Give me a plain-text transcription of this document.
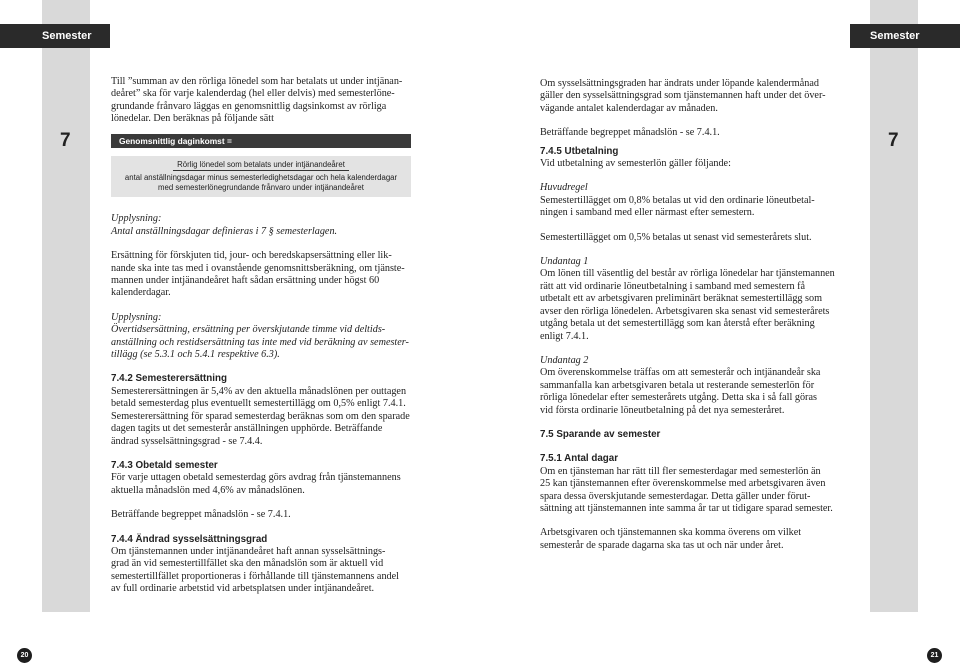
Semester	Semester
7	7

Till ”summan av den rörliga lönedel som har betalats ut under intjänan-

deåret” ska för varje kalenderdag (hel eller delvis) med semesterlöne-

grundande frånvaro läggas en genomsnittlig dagsinkomst av rörliga

lönedelar. Den beräknas på följande sätt

Genomsnittlig daginkomst =
Rörlig lönedel som betalats under intjänandeåret
antal anställningsdagar minus semesterledighetsdagar och hela kalenderdagar
med semesterlönegrundande frånvaro under intjänandeåret

Upplysning:

Antal anställningsdagar definieras i 7 § semesterlagen.

Ersättning för förskjuten tid, jour- och beredskapsersättning eller lik-

nande ska inte tas med i ovanstående genomsnittsberäkning, om tjänste-

mannen under intjänandeåret haft sådan ersättning under högst 60

kalenderdagar.

Upplysning:

Övertidsersättning, ersättning per överskjutande timme vid deltids-

anställning och restidsersättning tas inte med vid beräkning av semester-

tillägg (se 5.3.1 och 5.4.1 respektive 6.3).

7.4.2 Semesterersättning

Semesterersättningen är 5,4% av den aktuella månadslönen per outtagen

betald semesterdag plus eventuellt semestertillägg om 0,5% enligt 7.4.1.

Semesterersättning för sparad semesterdag beräknas som om den sparade

dagen tagits ut det semesterår anställningen upphörde. Beträffande

ändrad sysselsättningsgrad - se 7.4.4.

7.4.3 Obetald semester

För varje uttagen obetald semesterdag görs avdrag från tjänstemannens

aktuella månadslön med 4,6% av månadslönen.

Beträffande begreppet månadslön - se 7.4.1.

7.4.4 Ändrad sysselsättningsgrad

Om tjänstemannen under intjänandeåret haft annan sysselsättnings-

grad än vid semestertillfället ska den månadslön som är aktuell vid

semestertillfället proportioneras i förhållande till tjänstemannens andel

av full ordinarie arbetstid vid arbetsplatsen under intjänandeåret.

Om sysselsättningsgraden har ändrats under löpande kalendermånad

gäller den sysselsättningsgrad som tjänstemannen haft under det över-

vägande antalet kalenderdagar av månaden.

Beträffande begreppet månadslön - se 7.4.1.

7.4.5 Utbetalning

Vid utbetalning av semesterlön gäller följande:

Huvudregel

Semestertillägget om 0,8% betalas ut vid den ordinarie löneutbetal-

ningen i samband med eller närmast efter semestern.

Semestertillägget om 0,5% betalas ut senast vid semesterårets slut.

Undantag 1

Om lönen till väsentlig del består av rörliga lönedelar har tjänstemannen

rätt att vid ordinarie löneutbetalning i samband med semestern få

utbetalt ett av arbetsgivaren preliminärt beräknat semestertillägg som

avser den rörliga lönedelen. Arbetsgivaren ska senast vid semesterårets

utgång betala ut det semestertillägg som kan återstå efter beräkning

enligt 7.4.1.

Undantag 2

Om överenskommelse träffas om att semesterår och intjänandeår ska

sammanfalla kan arbetsgivaren betala ut resterande semesterlön för

rörliga lönedelar efter semesterårets utgång. Detta ska i så fall göras

vid första ordinarie löneutbetalning på det nya semesteråret.

7.5 Sparande av semester

7.5.1 Antal dagar

Om en tjänsteman har rätt till fler semesterdagar med semesterlön än

25 kan tjänstemannen efter överenskommelse med arbetsgivaren även

spara dessa överskjutande semesterdagar. Detta gäller under förut-

sättning att tjänstemannen inte samma år tar ut tidigare sparad semester.

Arbetsgivaren och tjänstemannen ska komma överens om vilket

semesterår de sparade dagarna ska tas ut och när under året.

20	21
